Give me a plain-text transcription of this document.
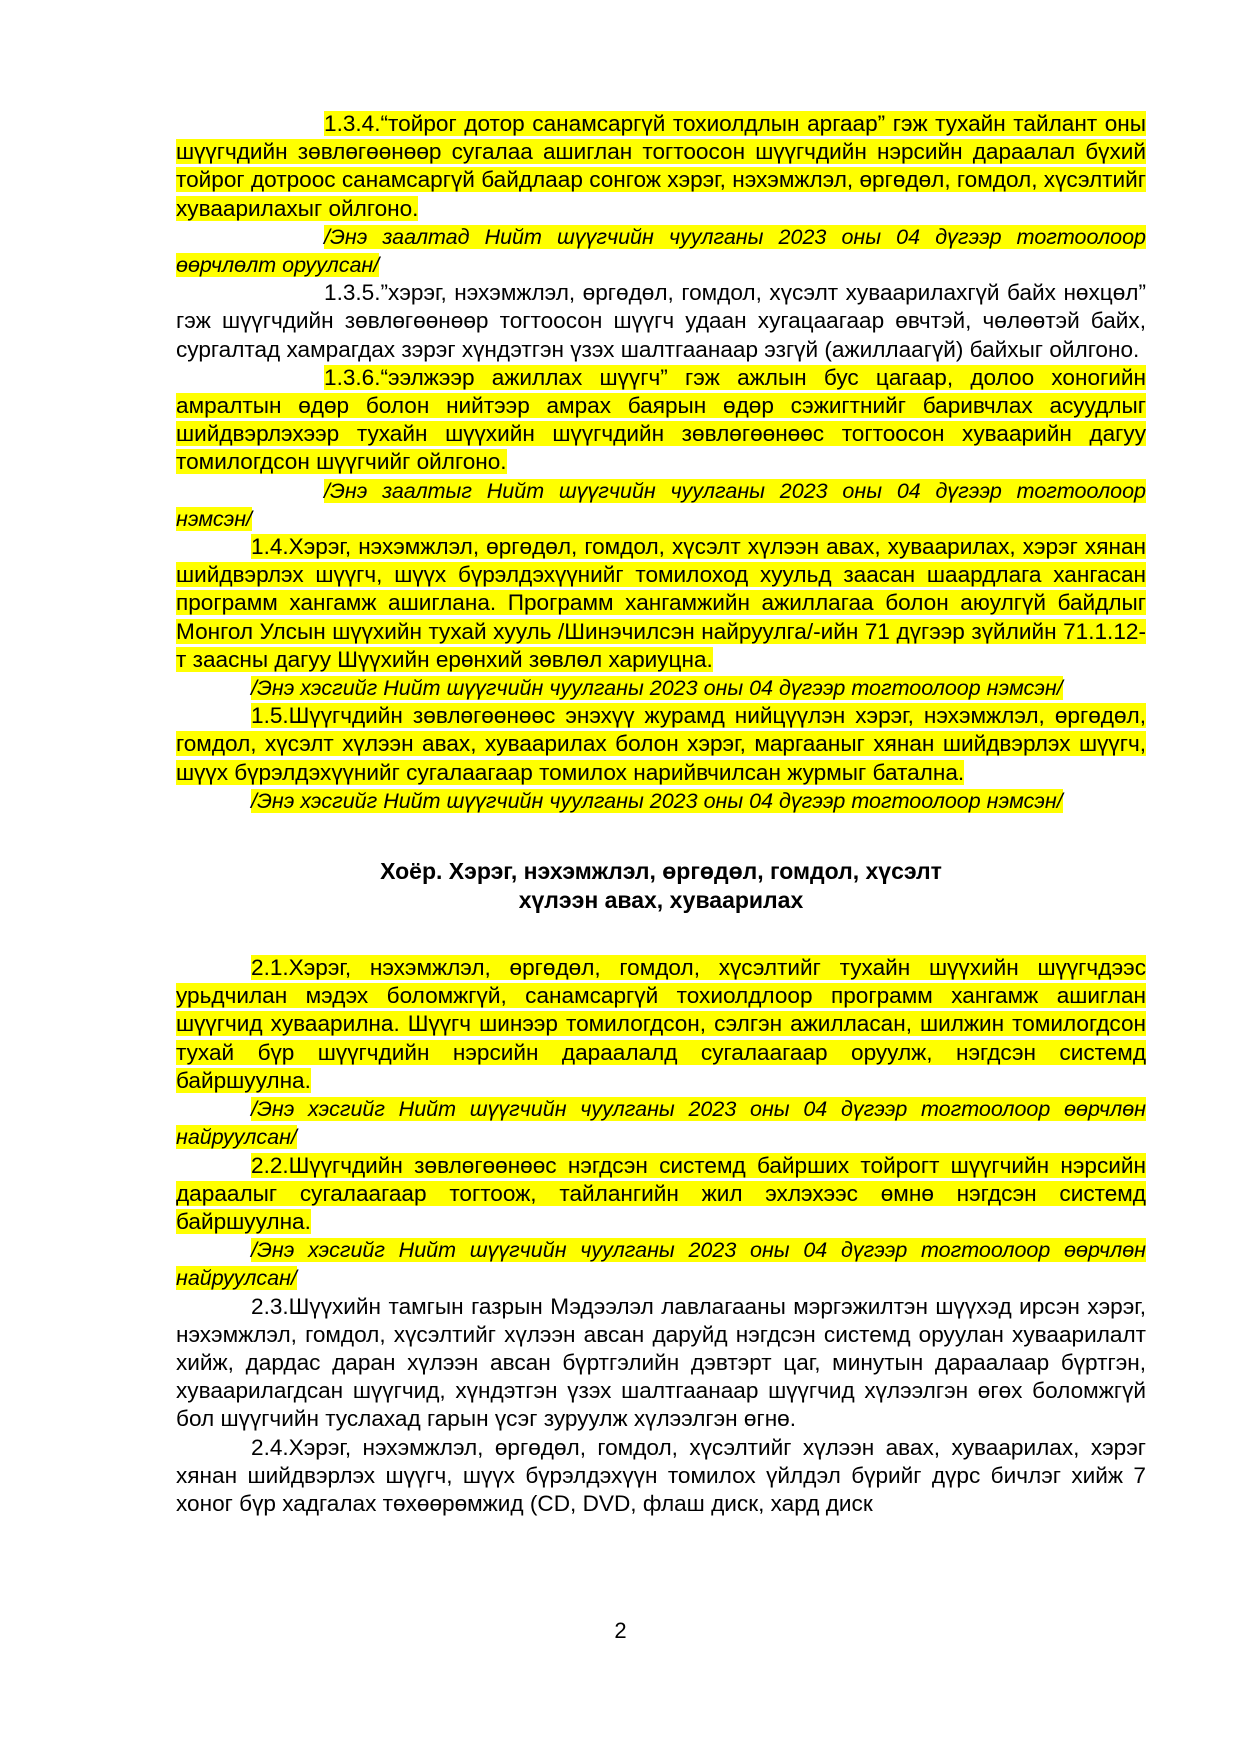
1.3.4.“тойрог дотор санамсаргүй тохиолдлын аргаар” гэж тухайн тайлант оны шүүгчдийн зөвлөгөөнөөр сугалаа ашиглан тогтоосон шүүгчдийн нэрсийн дараалал бүхий тойрог дотроос санамсаргүй байдлаар сонгож хэрэг, нэхэмжлэл, өргөдөл, гомдол, хүсэлтийг хуваарилахыг ойлгоно.

/Энэ заалтад Нийт шүүгчийн чуулганы 2023 оны 04 дүгээр тогтоолоор өөрчлөлт оруулсан/

1.3.5.”хэрэг, нэхэмжлэл, өргөдөл, гомдол, хүсэлт хуваарилахгүй байх нөхцөл” гэж шүүгчдийн зөвлөгөөнөөр тогтоосон шүүгч удаан хугацаагаар өвчтэй, чөлөөтэй байх, сургалтад хамрагдах зэрэг хүндэтгэн үзэх шалтгаанаар эзгүй (ажиллаагүй) байхыг ойлгоно.

1.3.6.“ээлжээр ажиллах шүүгч” гэж ажлын бус цагаар, долоо хоногийн амралтын өдөр болон нийтээр амрах баярын өдөр сэжигтнийг баривчлах асуудлыг шийдвэрлэхээр тухайн шүүхийн шүүгчдийн зөвлөгөөнөөс тогтоосон хуваарийн дагуу томилогдсон шүүгчийг ойлгоно.

/Энэ заалтыг Нийт шүүгчийн чуулганы 2023 оны 04 дүгээр тогтоолоор нэмсэн/

1.4.Хэрэг, нэхэмжлэл, өргөдөл, гомдол, хүсэлт хүлээн авах, хуваарилах, хэрэг хянан шийдвэрлэх шүүгч, шүүх бүрэлдэхүүнийг томилоход хуульд заасан шаардлага хангасан программ хангамж ашиглана. Программ хангамжийн ажиллагаа болон аюулгүй байдлыг Монгол Улсын шүүхийн тухай хууль /Шинэчилсэн найруулга/-ийн 71 дүгээр зүйлийн 71.1.12-т заасны дагуу Шүүхийн ерөнхий зөвлөл хариуцна.

/Энэ хэсгийг Нийт шүүгчийн чуулганы 2023 оны 04 дүгээр тогтоолоор нэмсэн/

1.5.Шүүгчдийн зөвлөгөөнөөс энэхүү журамд нийцүүлэн хэрэг, нэхэмжлэл, өргөдөл, гомдол, хүсэлт хүлээн авах, хуваарилах болон хэрэг, маргааныг хянан шийдвэрлэх шүүгч, шүүх бүрэлдэхүүнийг сугалаагаар томилох нарийвчилсан журмыг батална.

/Энэ хэсгийг Нийт шүүгчийн чуулганы 2023 оны 04 дүгээр тогтоолоор нэмсэн/

Хоёр. Хэрэг, нэхэмжлэл, өргөдөл, гомдол, хүсэлт
хүлээн авах, хуваарилах

2.1.Хэрэг, нэхэмжлэл, өргөдөл, гомдол, хүсэлтийг тухайн шүүхийн шүүгчдээс урьдчилан мэдэх боломжгүй, санамсаргүй тохиолдлоор программ хангамж ашиглан шүүгчид хуваарилна. Шүүгч шинээр томилогдсон, сэлгэн ажилласан, шилжин томилогдсон тухай бүр шүүгчдийн нэрсийн дараалалд сугалаагаар оруулж, нэгдсэн системд байршуулна.

/Энэ хэсгийг Нийт шүүгчийн чуулганы 2023 оны 04 дүгээр тогтоолоор өөрчлөн найруулсан/

2.2.Шүүгчдийн зөвлөгөөнөөс нэгдсэн системд байрших тойрогт шүүгчийн нэрсийн дараалыг сугалаагаар тогтоож, тайлангийн жил эхлэхээс өмнө нэгдсэн системд байршуулна.

/Энэ хэсгийг Нийт шүүгчийн чуулганы 2023 оны 04 дүгээр тогтоолоор өөрчлөн найруулсан/

2.3.Шүүхийн тамгын газрын Мэдээлэл лавлагааны мэргэжилтэн шүүхэд ирсэн хэрэг, нэхэмжлэл, гомдол, хүсэлтийг хүлээн авсан даруйд нэгдсэн системд оруулан хуваарилалт хийж, дардас даран хүлээн авсан бүртгэлийн дэвтэрт цаг, минутын дараалаар бүртгэн, хуваарилагдсан шүүгчид, хүндэтгэн үзэх шалтгаанаар шүүгчид хүлээлгэн өгөх боломжгүй бол шүүгчийн туслахад гарын үсэг зуруулж хүлээлгэн өгнө.

2.4.Хэрэг, нэхэмжлэл, өргөдөл, гомдол, хүсэлтийг хүлээн авах, хуваарилах, хэрэг хянан шийдвэрлэх шүүгч, шүүх бүрэлдэхүүн томилох үйлдэл бүрийг дүрс бичлэг хийж 7 хоног бүр хадгалах төхөөрөмжид (CD, DVD, флаш диск, хард диск

2
